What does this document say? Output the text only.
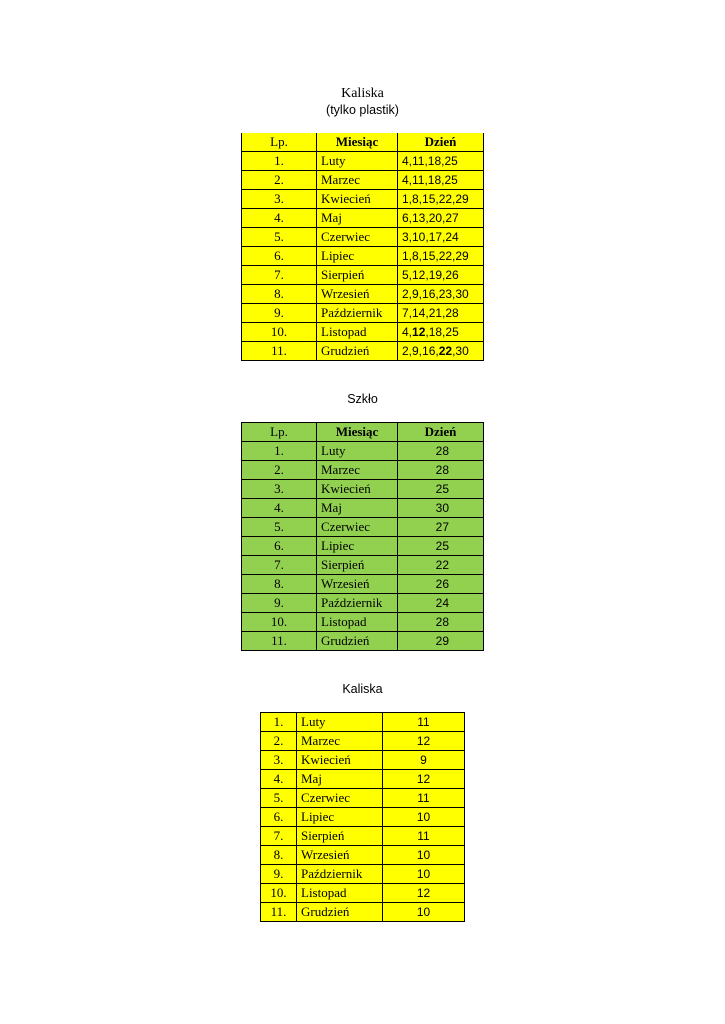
Kaliska
(tylko plastik)
Lp.	Miesiąc	Dzień
1.	Luty	4,11,18,25
2.	Marzec	4,11,18,25
3.	Kwiecień	1,8,15,22,29
4.	Maj	6,13,20,27
5.	Czerwiec	3,10,17,24
6.	Lipiec	1,8,15,22,29
7.	Sierpień	5,12,19,26
8.	Wrzesień	2,9,16,23,30
9.	Październik	7,14,21,28
10.	Listopad	4,12,18,25
11.	Grudzień	2,9,16,22,30
Szkło
Lp.	Miesiąc	Dzień
1.	Luty	28
2.	Marzec	28
3.	Kwiecień	25
4.	Maj	30
5.	Czerwiec	27
6.	Lipiec	25
7.	Sierpień	22
8.	Wrzesień	26
9.	Październik	24
10.	Listopad	28
11.	Grudzień	29
Kaliska
1.	Luty	11
2.	Marzec	12
3.	Kwiecień	9
4.	Maj	12
5.	Czerwiec	11
6.	Lipiec	10
7.	Sierpień	11
8.	Wrzesień	10
9.	Październik	10
10.	Listopad	12
11.	Grudzień	10
